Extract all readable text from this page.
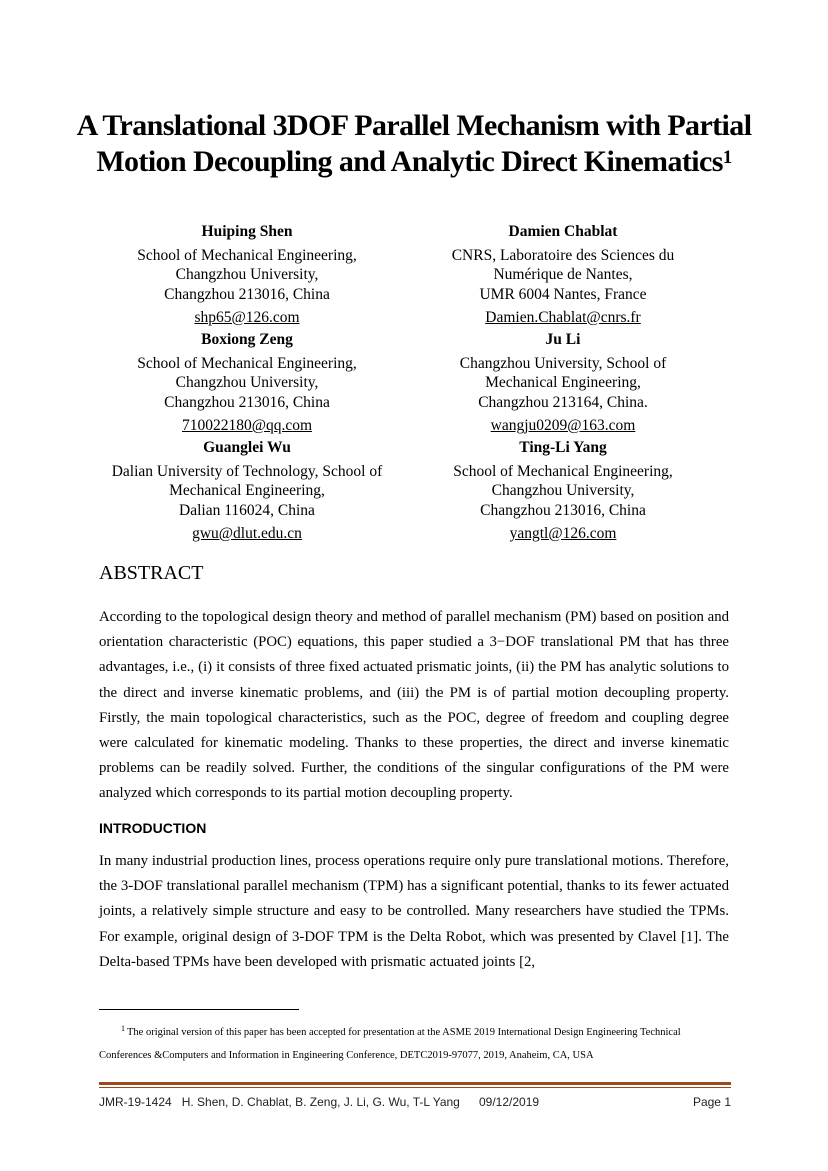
A Translational 3DOF Parallel Mechanism with Partial Motion Decoupling and Analytic Direct Kinematics$^1$
Huiping Shen
School of Mechanical Engineering,
Changzhou University,
Changzhou 213016, China
shp65@126.com
Damien Chablat
CNRS, Laboratoire des Sciences du
Numérique de Nantes,
UMR 6004 Nantes, France
Damien.Chablat@cnrs.fr
Boxiong Zeng
School of Mechanical Engineering,
Changzhou University,
Changzhou 213016, China
710022180@qq.com
Ju Li
Changzhou University, School of
Mechanical Engineering,
Changzhou 213164, China.
wangju0209@163.com
Guanglei Wu
Dalian University of Technology, School of
Mechanical Engineering,
Dalian 116024, China
gwu@dlut.edu.cn
Ting-Li Yang
School of Mechanical Engineering,
Changzhou University,
Changzhou 213016, China
yangtl@126.com
ABSTRACT

According to the topological design theory and method of parallel mechanism (PM) based on position and orientation characteristic (POC) equations, this paper studied a 3−DOF translational PM that has three advantages, i.e., (i) it consists of three fixed actuated prismatic joints, (ii) the PM has analytic solutions to the direct and inverse kinematic problems, and (iii) the PM is of partial motion decoupling property. Firstly, the main topological characteristics, such as the POC, degree of freedom and coupling degree were calculated for kinematic modeling. Thanks to these properties, the direct and inverse kinematic problems can be readily solved. Further, the conditions of the singular configurations of the PM were analyzed which corresponds to its partial motion decoupling property.

INTRODUCTION

In many industrial production lines, process operations require only pure translational motions. Therefore, the 3-DOF translational parallel mechanism (TPM) has a significant potential, thanks to its fewer actuated joints, a relatively simple structure and easy to be controlled. Many researchers have studied the TPMs. For example, original design of 3-DOF TPM is the Delta Robot, which was presented by Clavel [1]. The Delta-based TPMs have been developed with prismatic actuated joints [2,

$^1$ The original version of this paper has been accepted for presentation at the ASME 2019 International Design Engineering Technical Conferences &Computers and Information in Engineering Conference, DETC2019-97077, 2019, Anaheim, CA, USA

JMR-19-1424   H. Shen, D. Chablat, B. Zeng, J. Li, G. Wu, T-L Yang 09/12/2019	Page 1
